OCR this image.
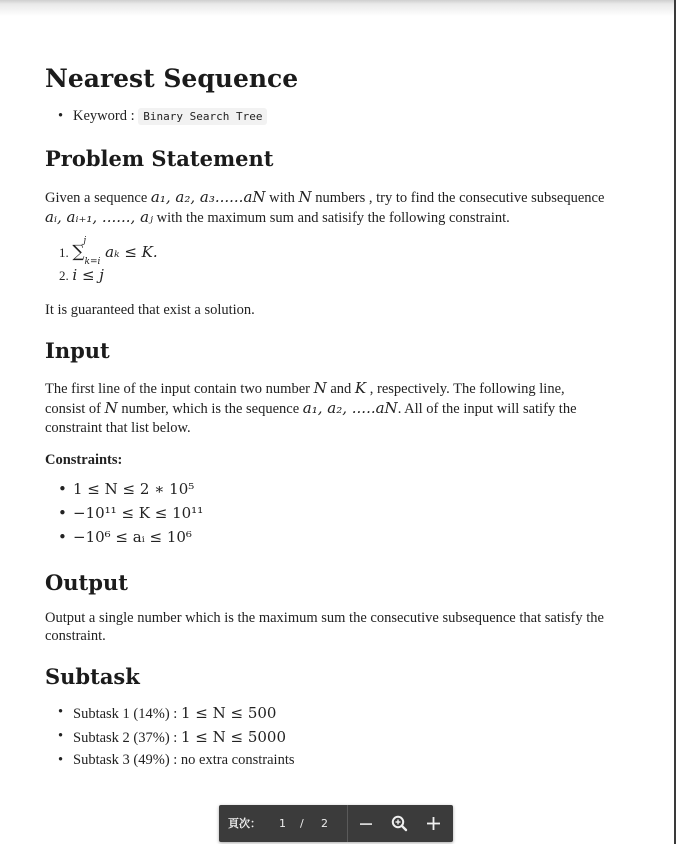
Nearest Sequence
• Keyword : Binary Search Tree
Problem Statement
Given a sequence a₁, a₂, a₃......aN with N numbers , try to find the consecutive subsequence
aᵢ, aᵢ₊₁, ......, aⱼ with the maximum sum and satisify the following constraint.
1. ∑
j
$_{k=i}$ aₖ ≤ K.
2. i ≤ j
It is guaranteed that exist a solution.
Input
The first line of the input contain two number N and K , respectively. The following line,
consist of N number, which is the sequence a₁, a₂, .....aN. All of the input will satify the
constraint that list below.
Constraints:
• 1 ≤ N ≤ 2 ∗ 10⁵
• −10¹¹ ≤ K ≤ 10¹¹
• −10⁶ ≤ aᵢ ≤ 10⁶
Output
Output a single number which is the maximum sum the consecutive subsequence that satisfy the
constraint.
Subtask
• Subtask 1 (14%) : 1 ≤ N ≤ 500
• Subtask 2 (37%) : 1 ≤ N ≤ 5000
• Subtask 3 (49%) : no extra constraints
頁次： 1 / 2
